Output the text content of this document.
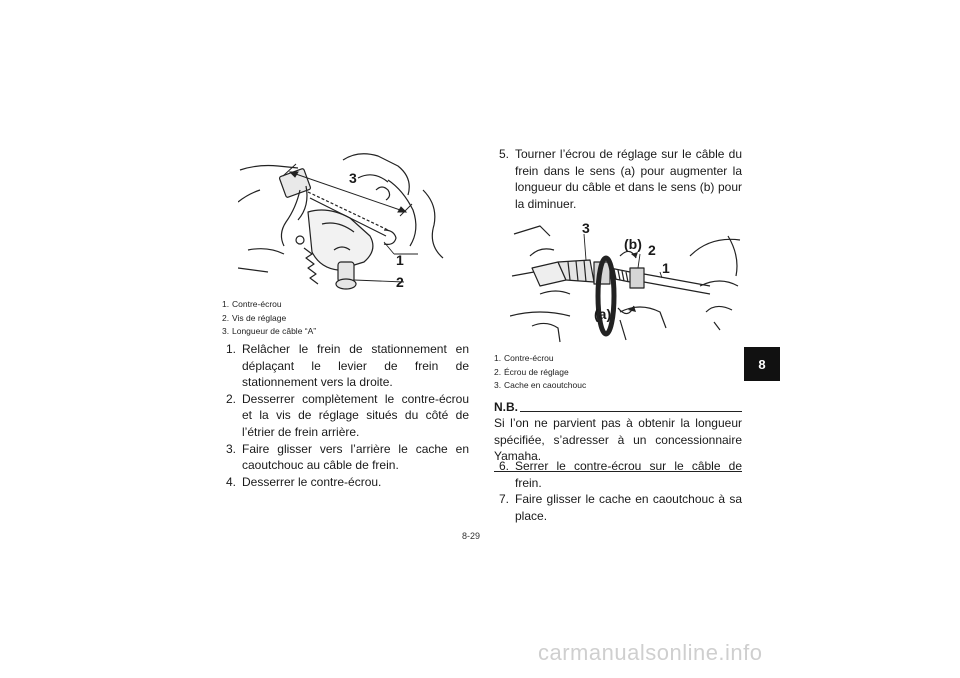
3
1
2
1. Contre-écrou
2. Vis de réglage
3. Longueur de câble “A”
1. Relâcher le frein de stationnement en déplaçant le levier de frein de stationnement vers la droite.
2. Desserrer complètement le contre-écrou et la vis de réglage situés du côté de l’étrier de frein arrière.
3. Faire glisser vers l’arrière le cache en caoutchouc au câble de frein.
4. Desserrer le contre-écrou.
5. Tourner l’écrou de réglage sur le câble du frein dans le sens (a) pour augmenter la longueur du câble et dans le sens (b) pour la diminuer.
3
(b) 2
1
(a)
1. Contre-écrou
2. Écrou de réglage
3. Cache en caoutchouc
N.B.
Si l’on ne parvient pas à obtenir la longueur spécifiée, s’adresser à un concessionnaire Yamaha.
6. Serrer le contre-écrou sur le câble de frein.
7. Faire glisser le cache en caoutchouc à sa place.
8-29
8
carmanualsonline.info
